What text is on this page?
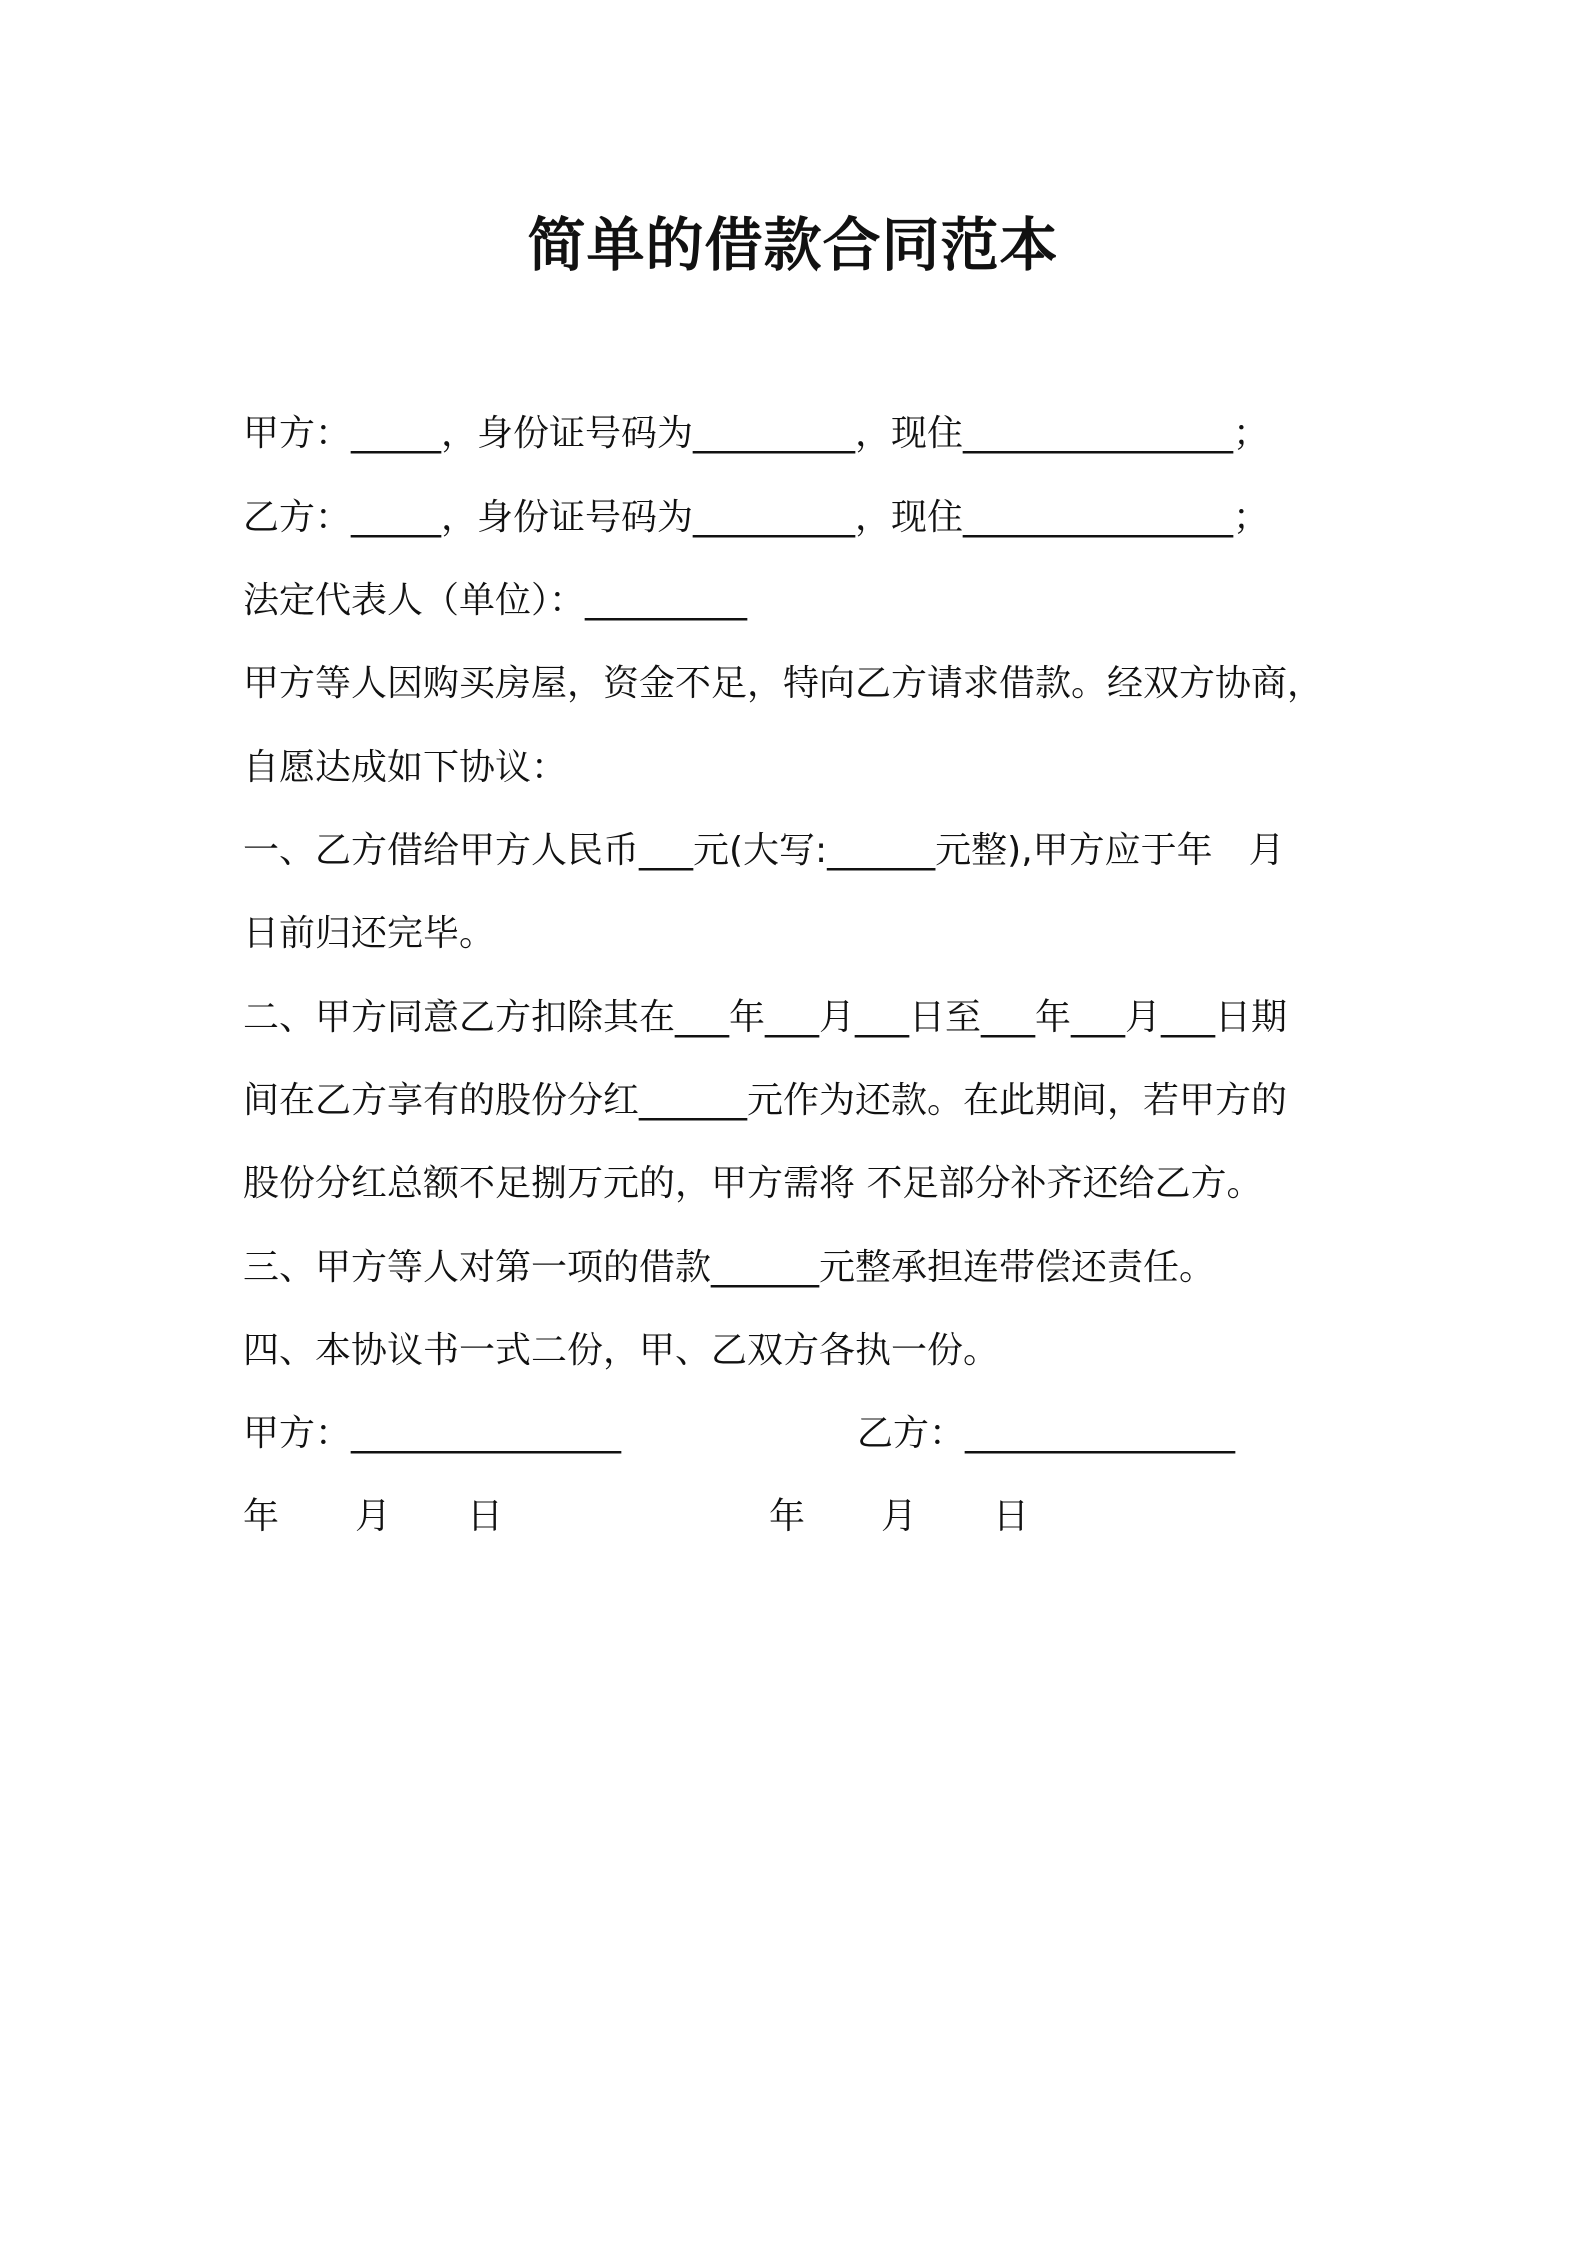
简单的借款合同范本
甲方：_____，身份证号码为_________，现住_______________；
乙方：_____，身份证号码为_________，现住_______________；
法定代表人（单位）：_________
甲方等人因购买房屋，资金不足，特向乙方请求借款。经双方协商，
自愿达成如下协议：
一、乙方借给甲方人民币___元(大写:______元整),甲方应于年　月
日前归还完毕。
二、甲方同意乙方扣除其在___年___月___日至___年___月___日期
间在乙方享有的股份分红______元作为还款。在此期间，若甲方的
股份分红总额不足捌万元的，甲方需将 不足部分补齐还给乙方。
三、甲方等人对第一项的借款______元整承担连带偿还责任。
四、本协议书一式二份，甲、乙双方各执一份。
甲方：_______________	乙方：_______________
年 月 日	年 月 日
